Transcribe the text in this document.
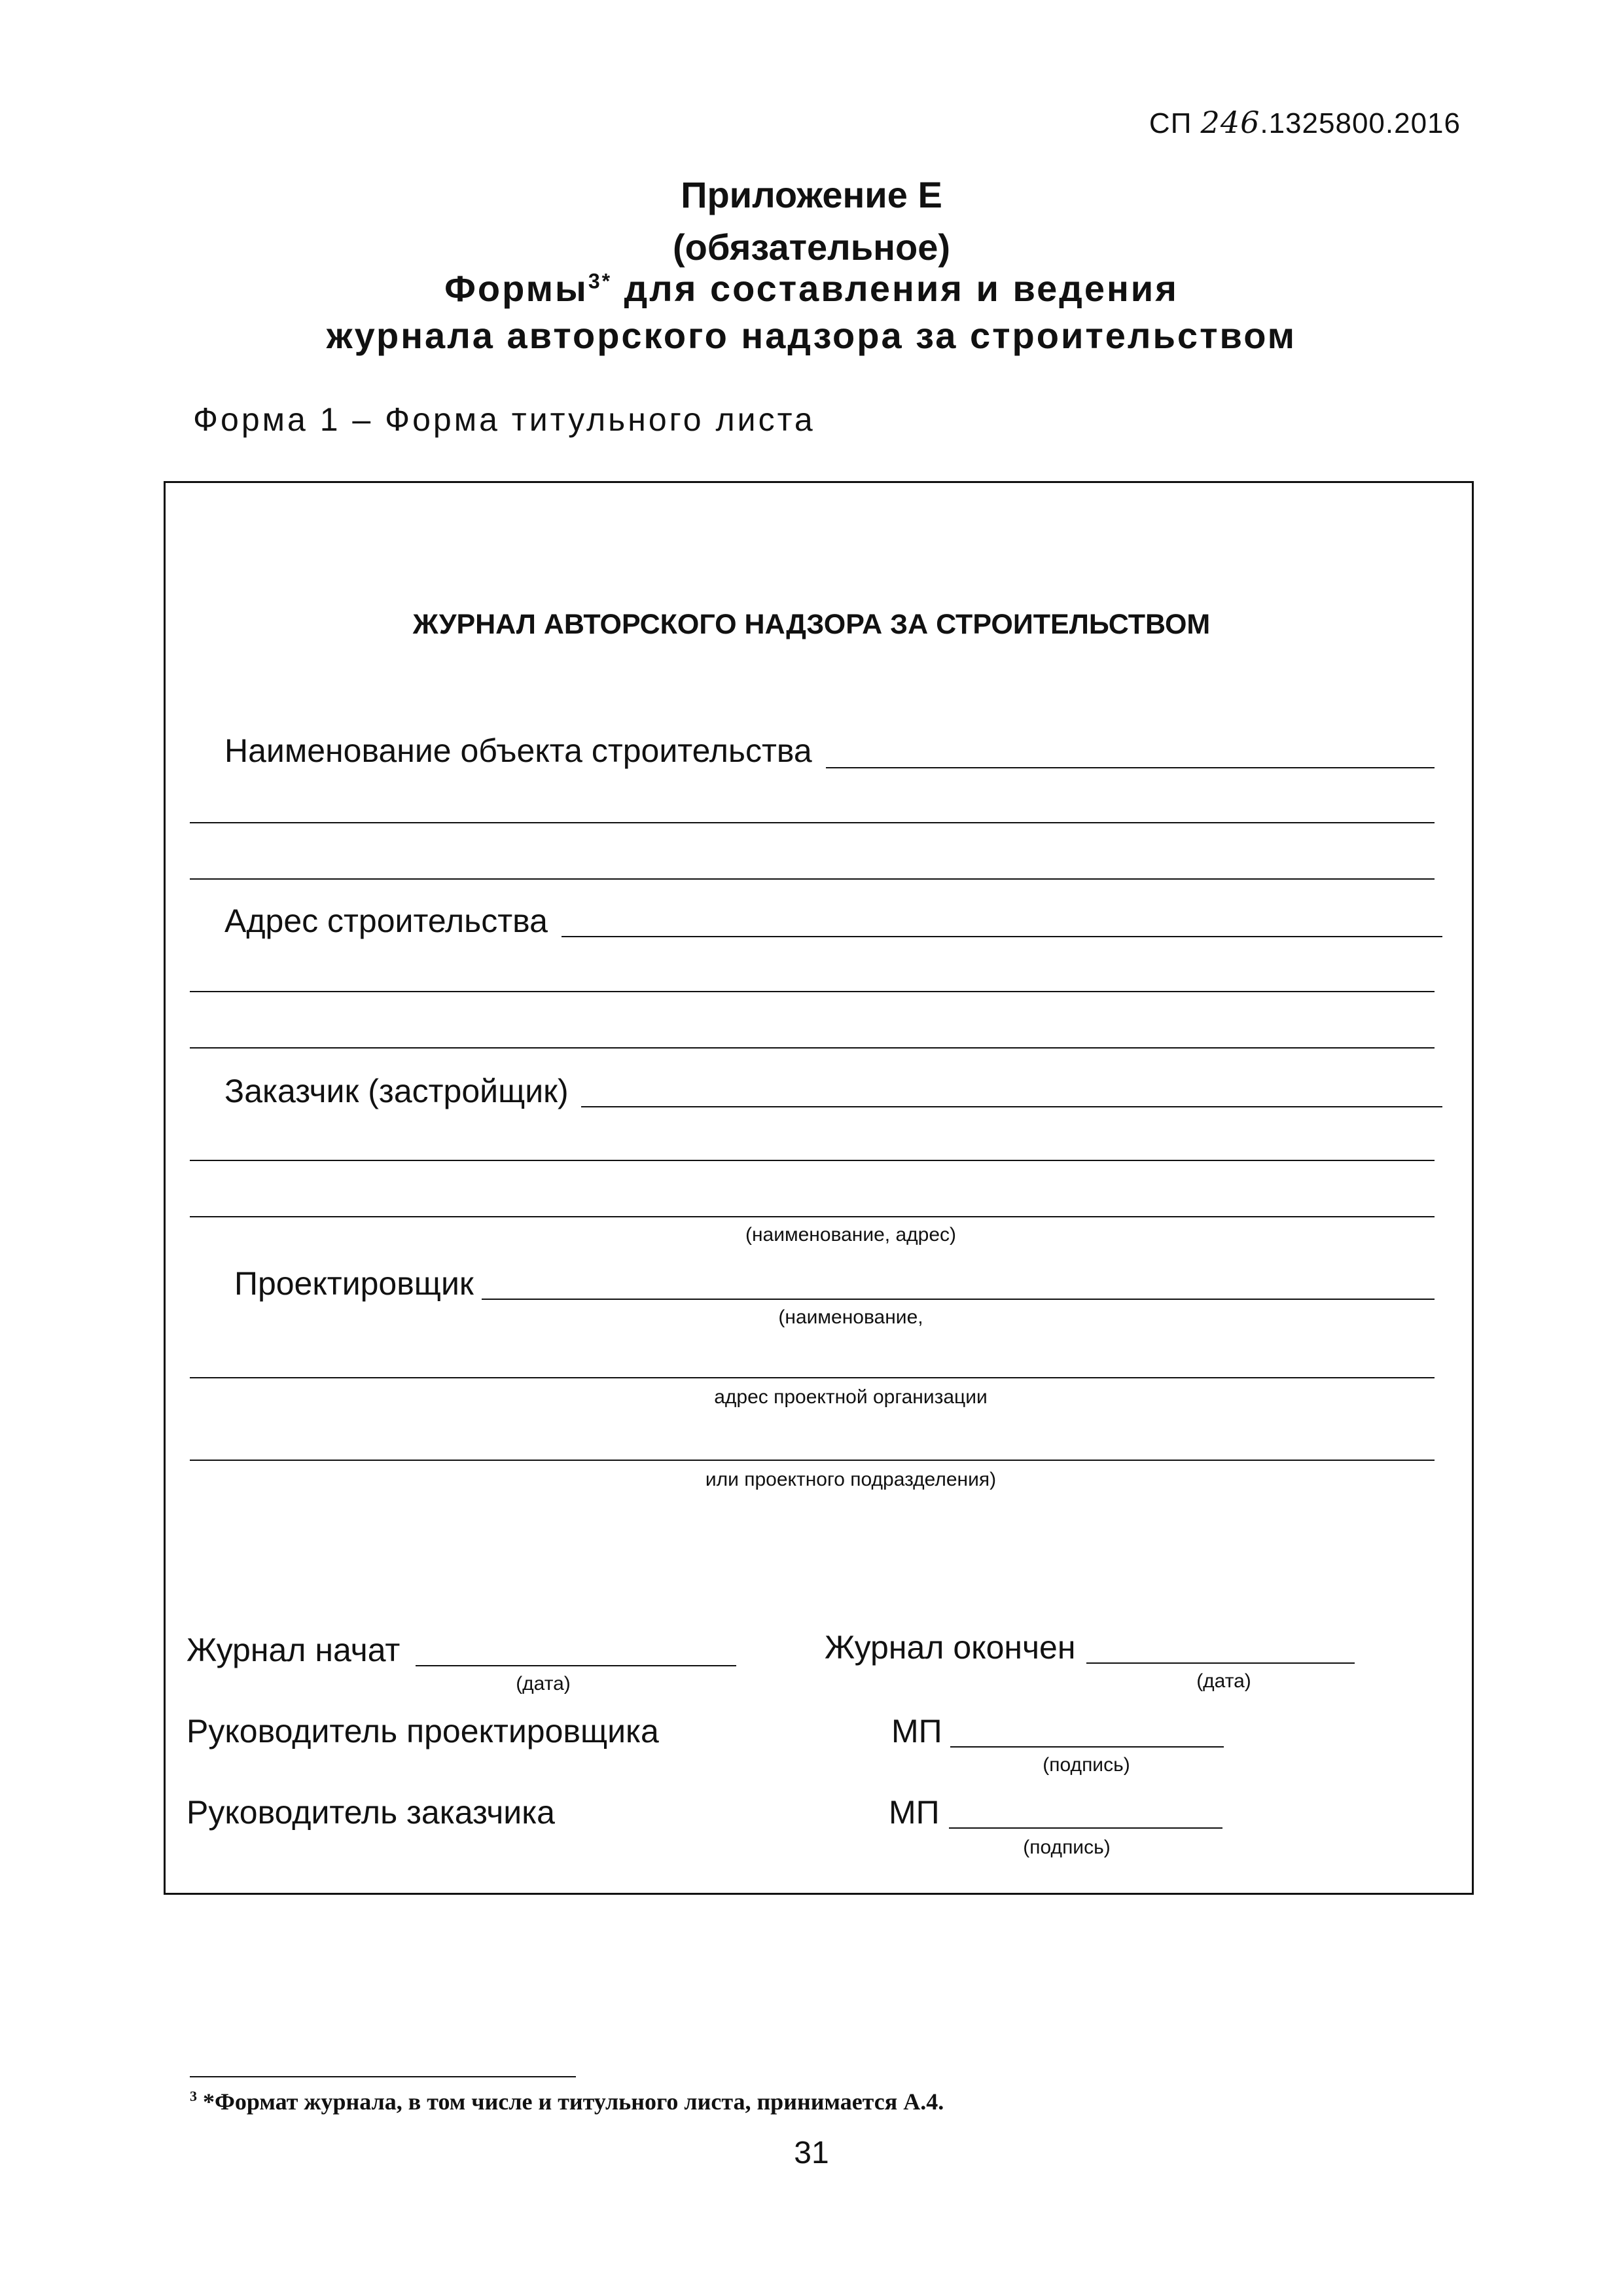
СП 246.1325800.2016
Приложение Е
(обязательное)
Формы$^{3*}$ для составления и ведения
журнала авторского надзора за строительством
Форма 1 – Форма титульного листа
ЖУРНАЛ АВТОРСКОГО НАДЗОРА ЗА СТРОИТЕЛЬСТВОМ
Наименование объекта строительства
Адрес строительства
Заказчик (застройщик)
(наименование, адрес)
Проектировщик
(наименование,
адрес проектной организации
или проектного подразделения)
Журнал начат
(дата)
Журнал окончен
(дата)
Руководитель проектировщика	МП
(подпись)
Руководитель заказчика	МП
(подпись)
$^3$ *Формат журнала, в том числе и титульного листа, принимается А.4.
31
